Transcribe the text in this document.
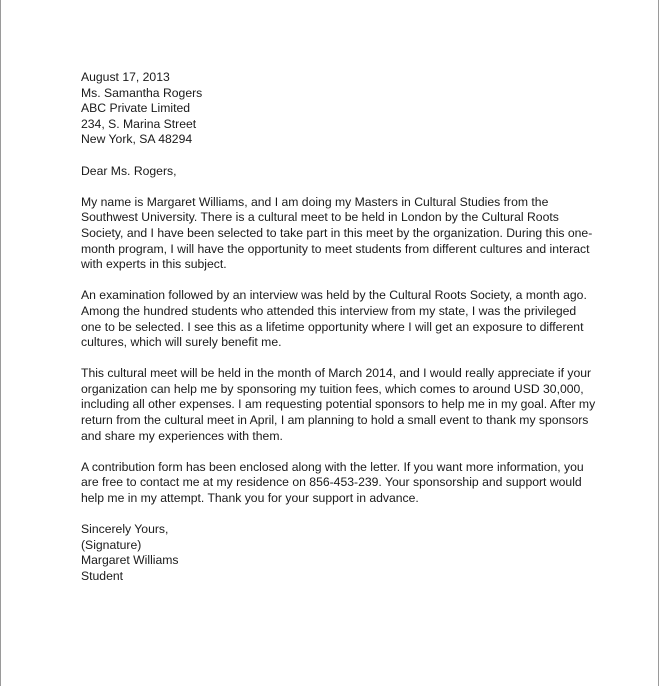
August 17, 2013
Ms. Samantha Rogers
ABC Private Limited
234, S. Marina Street
New York, SA 48294
Dear Ms. Rogers,
My name is Margaret Williams, and I am doing my Masters in Cultural Studies from the
Southwest University. There is a cultural meet to be held in London by the Cultural Roots
Society, and I have been selected to take part in this meet by the organization. During this one-
month program, I will have the opportunity to meet students from different cultures and interact
with experts in this subject.
An examination followed by an interview was held by the Cultural Roots Society, a month ago.
Among the hundred students who attended this interview from my state, I was the privileged
one to be selected. I see this as a lifetime opportunity where I will get an exposure to different
cultures, which will surely benefit me.
This cultural meet will be held in the month of March 2014, and I would really appreciate if your
organization can help me by sponsoring my tuition fees, which comes to around USD 30,000,
including all other expenses. I am requesting potential sponsors to help me in my goal. After my
return from the cultural meet in April, I am planning to hold a small event to thank my sponsors
and share my experiences with them.
A contribution form has been enclosed along with the letter. If you want more information, you
are free to contact me at my residence on 856-453-239. Your sponsorship and support would
help me in my attempt. Thank you for your support in advance.
Sincerely Yours,
(Signature)
Margaret Williams
Student
